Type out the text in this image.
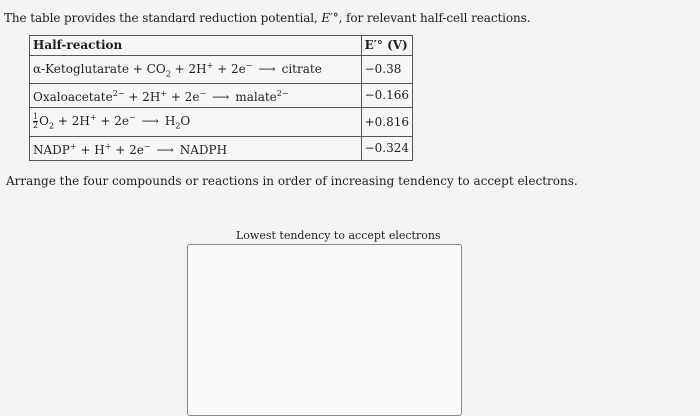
The table provides the standard reduction potential, E′°, for relevant half-cell reactions.
Half-reaction	E′° (V)
α-Ketoglutarate + $CO_2 + 2H^+ + 2e^-$ ⟶ citrate	−0.38
Oxaloacetate$^{2-}$ + 2H+ + 2e− ⟶ malate$^{2-}$	−0.166

$\frac{1}{2} O_2 + 2H^+ + 2e^-$ ⟶ $H_2O$	+0.816
NADP+ + H+ + 2e− ⟶ NADPH	−0.324
Arrange the four compounds or reactions in order of increasing tendency to accept electrons.
Lowest tendency to accept electrons
